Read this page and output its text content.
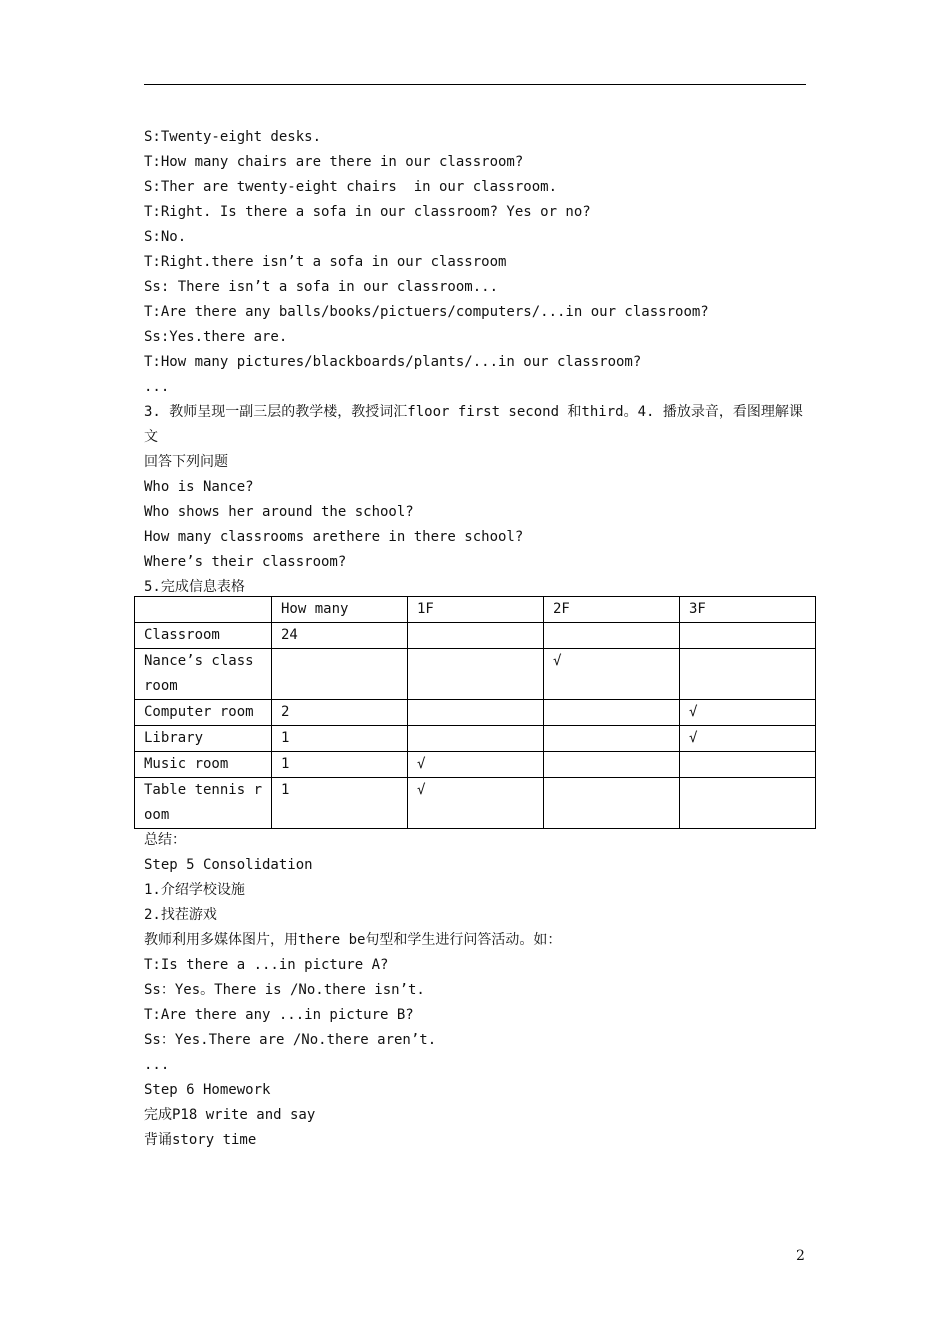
S:Twenty-eight desks.
T:How many chairs are there in our classroom?
S:Ther are twenty-eight chairs  in our classroom.
T:Right. Is there a sofa in our classroom? Yes or no?
S:No.
T:Right.there isn’t a sofa in our classroom
Ss: There isn’t a sofa in our classroom...
T:Are there any balls/books/pictuers/computers/...in our classroom?
Ss:Yes.there are.
T:How many pictures/blackboards/plants/...in our classroom?
...
3. 教师呈现一副三层的教学楼，教授词汇floor first second 和third。4. 播放录音，看图理解课文
回答下列问题
Who is Nance?
Who shows her around the school?
How many classrooms arethere in there school?
Where’s their classroom?
5.完成信息表格
	How many	1F	2F	3F
Classroom	24			
Nance’s class room			√	
Computer room	2			√
Library	1			√
Music room	1	√		
Table tennis room	1	√		
总结：
Step 5 Consolidation
1.介绍学校设施
2.找茬游戏
教师利用多媒体图片，用there be句型和学生进行问答活动。如：
T:Is there a ...in picture A?
Ss：Yes。There is /No.there isn’t.
T:Are there any ...in picture B?
Ss：Yes.There are /No.there aren’t.
...
Step 6 Homework
完成P18 write and say
背诵story time
2
